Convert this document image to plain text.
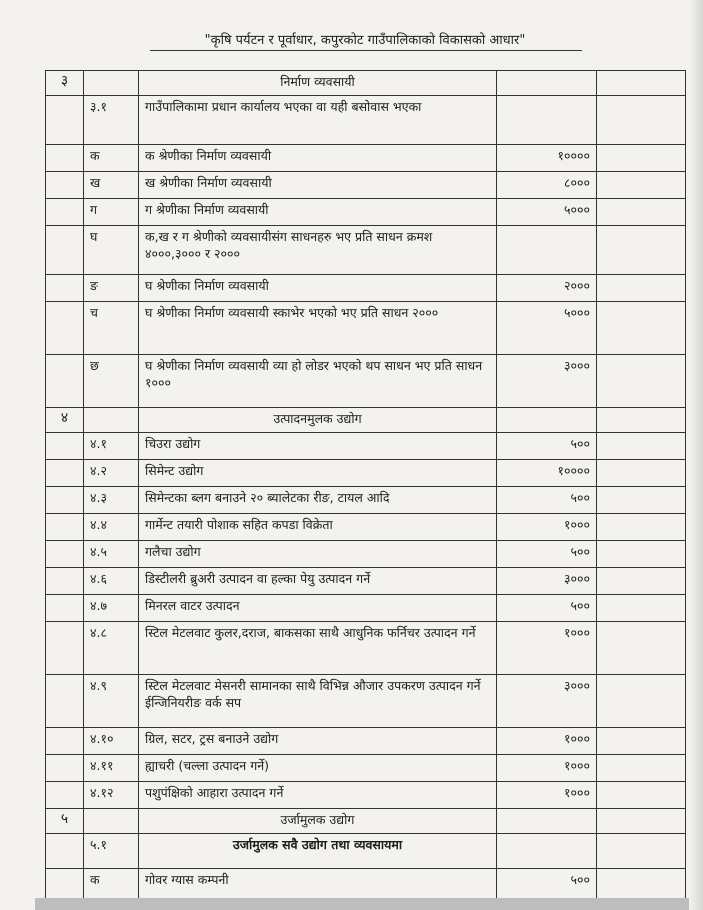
"कृषि पर्यटन र पूर्वाधार, कपुरकोट गाउँपालिकाको विकासको आधार"
३		निर्माण व्यवसायी		
	३.१	गाउँपालिकामा प्रधान कार्यालय भएका वा यही बसोवास भएका		
	क	क श्रेणीका निर्माण व्यवसायी	१००००	
	ख	ख श्रेणीका निर्माण व्यवसायी	८०००	
	ग	ग श्रेणीका निर्माण व्यवसायी	५०००	
	घ	क,ख र ग श्रेणीको व्यवसायीसंग साधनहरु भए प्रति साधन क्रमश ४०००,३००० र २०००		
	ङ	घ श्रेणीका निर्माण व्यवसायी	२०००	
	च	घ श्रेणीका निर्माण व्यवसायी स्काभेर भएको भए प्रति साधन २०००	५०००	
	छ	घ श्रेणीका निर्माण व्यवसायी व्या हो लोडर भएको थप साधन भए प्रति साधन १०००	३०००	
४		उत्पादनमुलक उद्योग		
	४.१	चिउरा उद्योग	५००	
	४.२	सिमेन्ट उद्योग	१००००	
	४.३	सिमेन्टका ब्लग बनाउने २० ब्यालेटका रीङ, टायल आदि	५००	
	४.४	गार्मेन्ट तयारी पोशाक सहित कपडा विक्रेता	१०००	
	४.५	गलैचा उद्योग	५००	
	४.६	डिस्टीलरी ब्रुअरी उत्पादन वा हल्का पेयु उत्पादन गर्ने	३०००	
	४.७	मिनरल वाटर उत्पादन	५००	
	४.८	स्टिल मेटलवाट कुलर,दराज, बाकसका साथै आधुनिक फर्निचर उत्पादन गर्ने	१०००	
	४.९	स्टिल मेटलवाट मेसनरी सामानका साथै विभिन्न औजार उपकरण उत्पादन गर्ने ईन्जिनियरीङ वर्क सप	३०००	
	४.१०	ग्रिल, सटर, ट्रस बनाउने उद्योग	१०००	
	४.११	ह्याचरी (चल्ला उत्पादन गर्ने)	१०००	
	४.१२	पशुपंक्षिको आहारा उत्पादन गर्ने	१०००	
५		उर्जामुलक उद्योग		
	५.१	उर्जामुलक सवै उद्योग तथा व्यवसायमा		
	क	गोवर ग्यास कम्पनी	५००	
